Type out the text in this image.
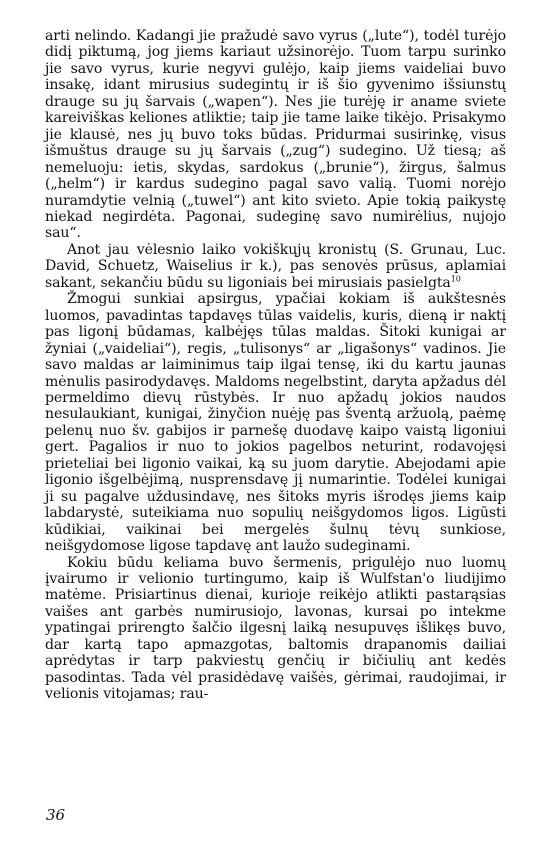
arti nelindo. Kadangi jie pražudė savo vyrus („lute“), todėl turėjo didį piktumą, jog jiems kariaut užsinorėjo. Tuom tarpu surinko jie savo vyrus, kurie negyvi gulėjo, kaip jiems vaideliai buvo insakę, idant mirusius sudegintų ir iš šio gyvenimo išsiunstų drauge su jų šarvais („wapen“). Nes jie turėję ir aname sviete kareiviškas keliones atliktie; taip jie tame laike tikėjo. Prisakymo jie klausė, nes jų buvo toks būdas. Pridurmai susirinkę, visus išmuštus drauge su jų šarvais („zug“) sudegino. Už tiesą; aš nemeluoju: ietis, skydas, sardokus („brunie“), žirgus, šalmus („helm“) ir kardus sudegino pagal savo valią. Tuomi norėjo nuramdytie velnią („tuwel“) ant kito svieto. Apie tokią paikystę niekad negirdėta. Pagonai, sudeginę savo numirėlius, nujojo sau“.

Anot jau vėlesnio laiko vokiškųjų kronistų (S. Grunau, Luc. David, Schuetz, Waiselius ir k.), pas senovės prūsus, aplamiai sakant, sekančiu būdu su ligoniais bei mirusiais pasielgta$^{10}$

Žmogui sunkiai apsirgus, ypačiai kokiam iš aukštesnės luomos, pavadintas tapdavęs tūlas vaidelis, kuris, dieną ir naktį pas ligonį būdamas, kalbėjęs tūlas maldas. Šitoki kunigai ar žyniai („vaideliai“), regis, „tulisonys“ ar „ligašonys“ vadinos. Jie savo maldas ar laiminimus taip ilgai tensę, iki du kartu jaunas mėnulis pasirodydavęs. Maldoms negelbstint, daryta apžadus dėl permeldimo dievų rūstybės. Ir nuo apžadų jokios naudos nesulaukiant, kunigai, žinyčion nuėję pas šventą aržuolą, paėmę pelenų nuo šv. gabijos ir parnešę duodavę kaipo vaistą ligoniui gert. Pagalios ir nuo to jokios pagelbos neturint, rodavojęsi prieteliai bei ligonio vaikai, ką su juom darytie. Abejodami apie ligonio išgelbėjimą, nusprensdavę jį numarintie. Todėlei kunigai ji su pagalve uždusindavę, nes šitoks myris išrodęs jiems kaip labdarystė, suteikiama nuo sopulių neišgydomos ligos. Ligūsti kūdikiai, vaikinai bei mergelės šulnų tėvų sunkiose, neišgydomose ligose tapdavę ant laužo sudeginami.

Kokiu būdu keliama buvo šermenis, prigulėjo nuo luomų įvairumo ir velionio turtingumo, kaip iš Wulfstan'o liudijimo matėme. Prisiartinus dienai, kurioje reikėjo atlikti pastarąsias vaišes ant garbės numirusiojo, lavonas, kursai po intekme ypatingai prirengto šalčio ilgesnį laiką nesupuvęs išlikęs buvo, dar kartą tapo apmazgotas, baltomis drapanomis dailiai aprėdytas ir tarp pakviestų genčių ir bičiulių ant kedės pasodintas. Tada vėl prasidėdavę vaišės, gėrimai, raudojimai, ir velionis vitojamas; rau-

36
